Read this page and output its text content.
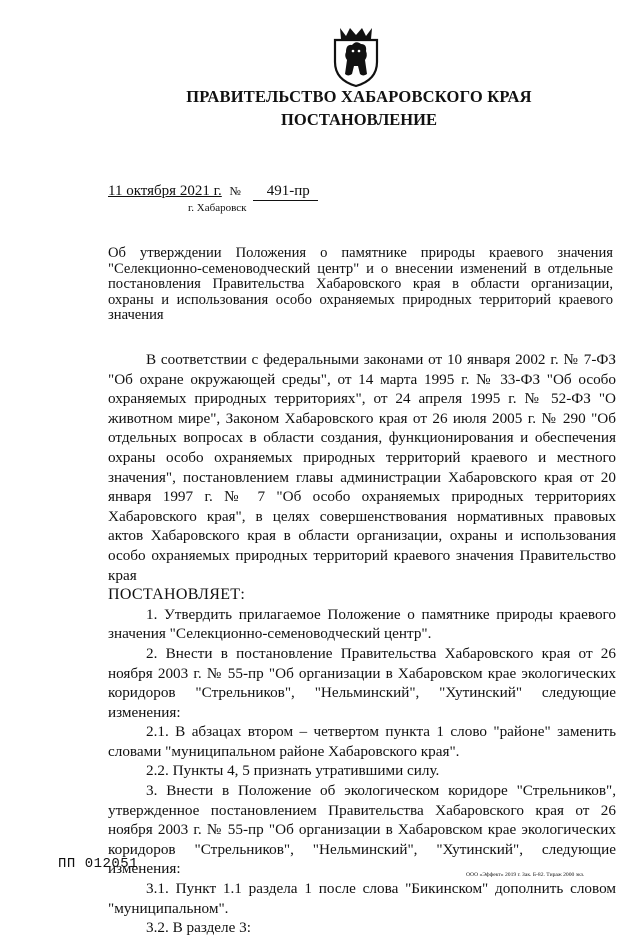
ПРАВИТЕЛЬСТВО ХАБАРОВСКОГО КРАЯ
ПОСТАНОВЛЕНИЕ
11 октября 2021 г. № 491-пр
г. Хабаровск
Об утверждении Положения о памятнике природы краевого значения "Селекционно-семеноводческий центр" и о внесении изменений в отдельные постановления Правительства Хабаровского края в области организации, охраны и использования особо охраняемых природных территорий краевого значения

В соответствии с федеральными законами от 10 января 2002 г. № 7-ФЗ "Об охране окружающей среды", от 14 марта 1995 г. № 33-ФЗ "Об особо охраняемых природных территориях", от 24 апреля 1995 г. № 52-ФЗ "О животном мире", Законом Хабаровского края от 26 июля 2005 г. № 290 "Об отдельных вопросах в области создания, функционирования и обеспечения охраны особо охраняемых природных территорий краевого и местного значения", постановлением главы администрации Хабаровского края от 20 января 1997 г. № 7 "Об особо охраняемых природных территориях Хабаровского края", в целях совершенствования нормативных правовых актов Хабаровского края в области организации, охраны и использования особо охраняемых природных территорий краевого значения Правительство края

ПОСТАНОВЛЯЕТ:

1. Утвердить прилагаемое Положение о памятнике природы краевого значения "Селекционно-семеноводческий центр".

2. Внести в постановление Правительства Хабаровского края от 26 ноября 2003 г. № 55-пр "Об организации в Хабаровском крае экологических коридоров "Стрельников", "Нельминский", "Хутинский" следующие изменения:

2.1. В абзацах втором – четвертом пункта 1 слово "районе" заменить словами "муниципальном районе Хабаровского края".

2.2. Пункты 4, 5 признать утратившими силу.

3. Внести в Положение об экологическом коридоре "Стрельников", утвержденное постановлением Правительства Хабаровского края от 26 ноября 2003 г. № 55-пр "Об организации в Хабаровском крае экологических коридоров "Стрельников", "Нельминский", "Хутинский", следующие изменения:

3.1. Пункт 1.1 раздела 1 после слова "Бикинском" дополнить словом "муниципальном".

3.2. В разделе 3:

ПП 012051
ООО «Эффект» 2019 г. Зак. Б-82. Тираж 2000 экз.
